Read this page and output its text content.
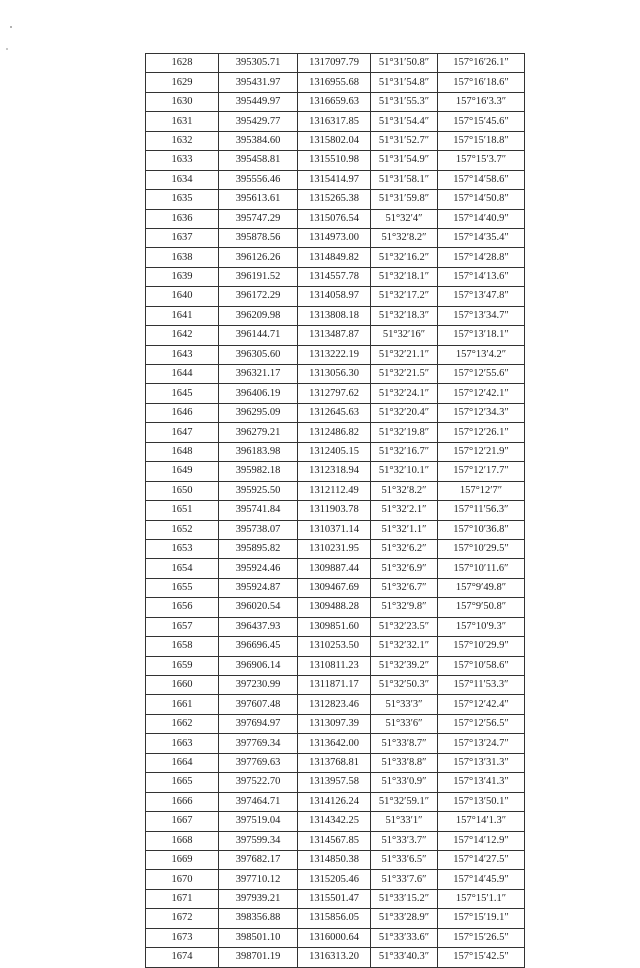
1628	395305.71	1317097.79	51°31′50.8″	157°16′26.1″
1629	395431.97	1316955.68	51°31′54.8″	157°16′18.6″
1630	395449.97	1316659.63	51°31′55.3″	157°16′3.3″
1631	395429.77	1316317.85	51°31′54.4″	157°15′45.6″
1632	395384.60	1315802.04	51°31′52.7″	157°15′18.8″
1633	395458.81	1315510.98	51°31′54.9″	157°15′3.7″
1634	395556.46	1315414.97	51°31′58.1″	157°14′58.6″
1635	395613.61	1315265.38	51°31′59.8″	157°14′50.8″
1636	395747.29	1315076.54	51°32′4″	157°14′40.9″
1637	395878.56	1314973.00	51°32′8.2″	157°14′35.4″
1638	396126.26	1314849.82	51°32′16.2″	157°14′28.8″
1639	396191.52	1314557.78	51°32′18.1″	157°14′13.6″
1640	396172.29	1314058.97	51°32′17.2″	157°13′47.8″
1641	396209.98	1313808.18	51°32′18.3″	157°13′34.7″
1642	396144.71	1313487.87	51°32′16″	157°13′18.1″
1643	396305.60	1313222.19	51°32′21.1″	157°13′4.2″
1644	396321.17	1313056.30	51°32′21.5″	157°12′55.6″
1645	396406.19	1312797.62	51°32′24.1″	157°12′42.1″
1646	396295.09	1312645.63	51°32′20.4″	157°12′34.3″
1647	396279.21	1312486.82	51°32′19.8″	157°12′26.1″
1648	396183.98	1312405.15	51°32′16.7″	157°12′21.9″
1649	395982.18	1312318.94	51°32′10.1″	157°12′17.7″
1650	395925.50	1312112.49	51°32′8.2″	157°12′7″
1651	395741.84	1311903.78	51°32′2.1″	157°11′56.3″
1652	395738.07	1310371.14	51°32′1.1″	157°10′36.8″
1653	395895.82	1310231.95	51°32′6.2″	157°10′29.5″
1654	395924.46	1309887.44	51°32′6.9″	157°10′11.6″
1655	395924.87	1309467.69	51°32′6.7″	157°9′49.8″
1656	396020.54	1309488.28	51°32′9.8″	157°9′50.8″
1657	396437.93	1309851.60	51°32′23.5″	157°10′9.3″
1658	396696.45	1310253.50	51°32′32.1″	157°10′29.9″
1659	396906.14	1310811.23	51°32′39.2″	157°10′58.6″
1660	397230.99	1311871.17	51°32′50.3″	157°11′53.3″
1661	397607.48	1312823.46	51°33′3″	157°12′42.4″
1662	397694.97	1313097.39	51°33′6″	157°12′56.5″
1663	397769.34	1313642.00	51°33′8.7″	157°13′24.7″
1664	397769.63	1313768.81	51°33′8.8″	157°13′31.3″
1665	397522.70	1313957.58	51°33′0.9″	157°13′41.3″
1666	397464.71	1314126.24	51°32′59.1″	157°13′50.1″
1667	397519.04	1314342.25	51°33′1″	157°14′1.3″
1668	397599.34	1314567.85	51°33′3.7″	157°14′12.9″
1669	397682.17	1314850.38	51°33′6.5″	157°14′27.5″
1670	397710.12	1315205.46	51°33′7.6″	157°14′45.9″
1671	397939.21	1315501.47	51°33′15.2″	157°15′1.1″
1672	398356.88	1315856.05	51°33′28.9″	157°15′19.1″
1673	398501.10	1316000.64	51°33′33.6″	157°15′26.5″
1674	398701.19	1316313.20	51°33′40.3″	157°15′42.5″
